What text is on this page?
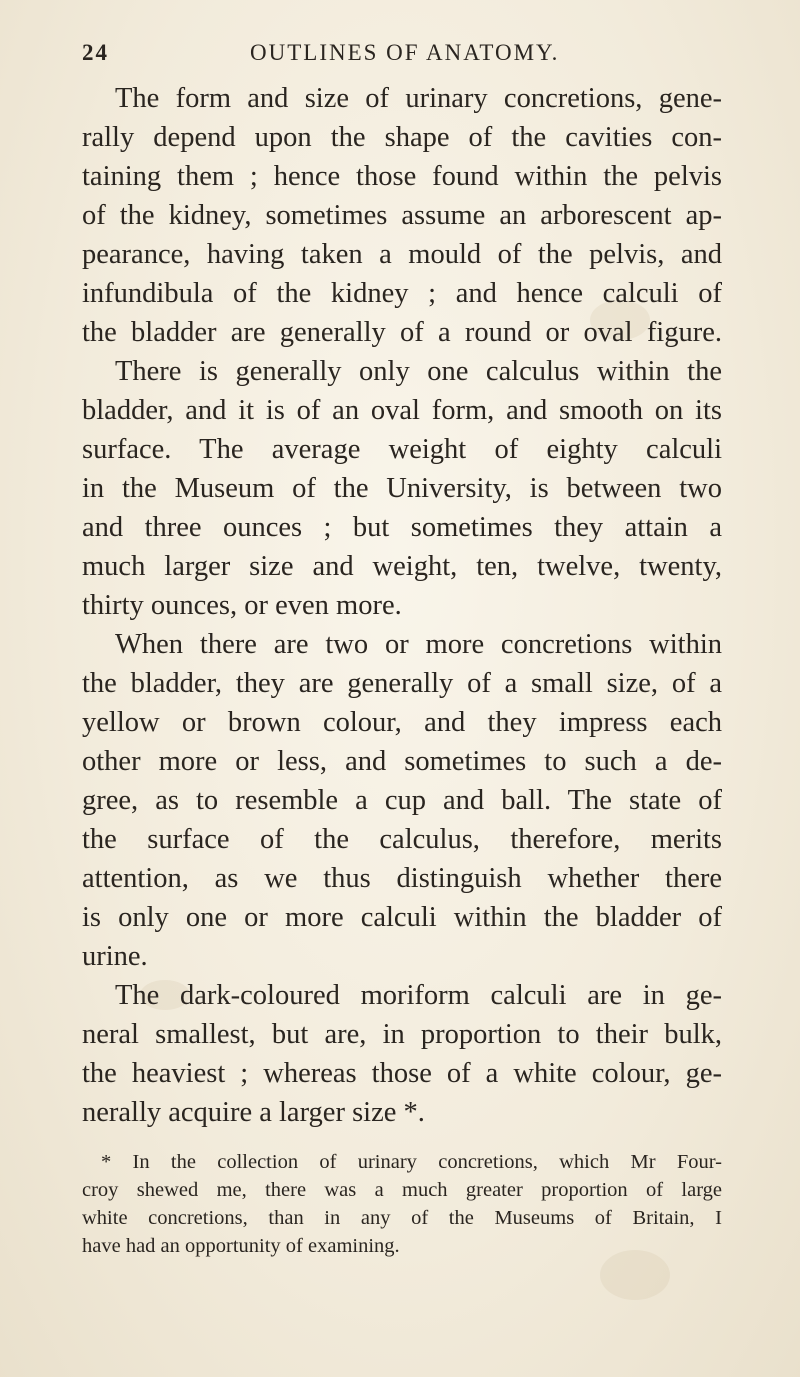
24	OUTLINES OF ANATOMY.
The form and size of urinary concretions, gene-
rally depend upon the shape of the cavities con-
taining them ; hence those found within the pelvis
of the kidney, sometimes assume an arborescent ap-
pearance, having taken a mould of the pelvis, and
infundibula of the kidney ; and hence calculi of
the bladder are generally of a round or oval figure.
There is generally only one calculus within the
bladder, and it is of an oval form, and smooth on its
surface. The average weight of eighty calculi
in the Museum of the University, is between two
and three ounces ; but sometimes they attain a
much larger size and weight, ten, twelve, twenty,
thirty ounces, or even more.
When there are two or more concretions within
the bladder, they are generally of a small size, of a
yellow or brown colour, and they impress each
other more or less, and sometimes to such a de-
gree, as to resemble a cup and ball. The state of
the surface of the calculus, therefore, merits
attention, as we thus distinguish whether there
is only one or more calculi within the bladder of
urine.
The dark-coloured moriform calculi are in ge-
neral smallest, but are, in proportion to their bulk,
the heaviest ; whereas those of a white colour, ge-
nerally acquire a larger size *.
* In the collection of urinary concretions, which Mr Four-
croy shewed me, there was a much greater proportion of large
white concretions, than in any of the Museums of Britain, I
have had an opportunity of examining.
